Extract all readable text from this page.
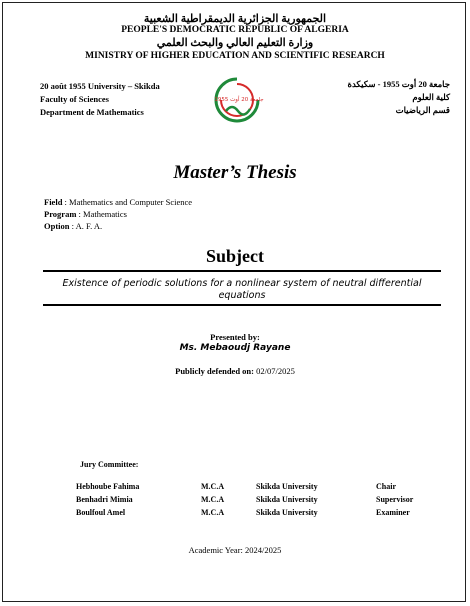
الجمهورية الجزائرية الديمقراطية الشعبية
PEOPLE'S DEMOCRATIC REPUBLIC OF ALGERIA
وزارة التعليم العالي والبحث العلمي
MINISTRY OF HIGHER EDUCATION AND SCIENTIFIC RESEARCH
20 août 1955 University – Skikda
Faculty of Sciences
Department de Mathematics
جامعة 20 أوت 1955 - سكيكدة
كلية العلوم
قسم الرياضيات
جامعة 20 أوت 1955
Master’s Thesis
Field : Mathematics and Computer Science
Program : Mathematics
Option : A. F. A.
Subject
Existence of periodic solutions for a nonlinear system of neutral differential equations
Presented by:
Ms. Mebaoudj Rayane
Publicly defended on: 02/07/2025
Jury Committee:
Hebhoube Fahima	M.C.A	Skikda University	Chair
Benhadri Mimia	M.C.A	Skikda University	Supervisor
Boulfoul Amel	M.C.A	Skikda University	Examiner
Academic Year: 2024/2025
